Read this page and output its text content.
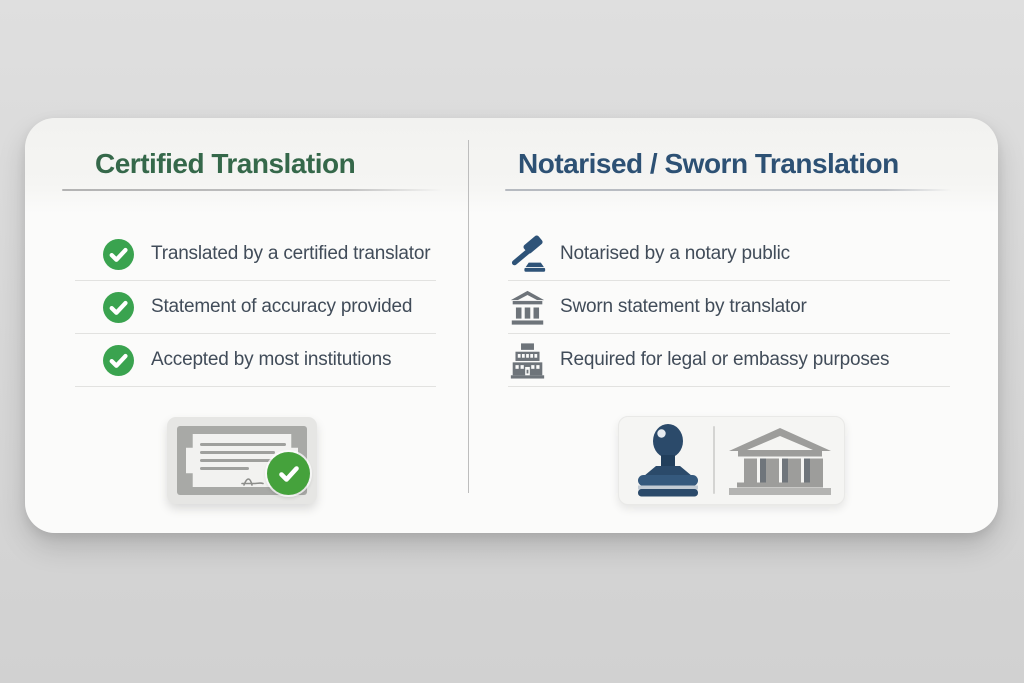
Certified Translation
Translated by a certified translator
Statement of accuracy provided
Accepted by most institutions
Notarised / Sworn Translation
Notarised by a notary public
Sworn statement by translator
Required for legal or embassy purposes
